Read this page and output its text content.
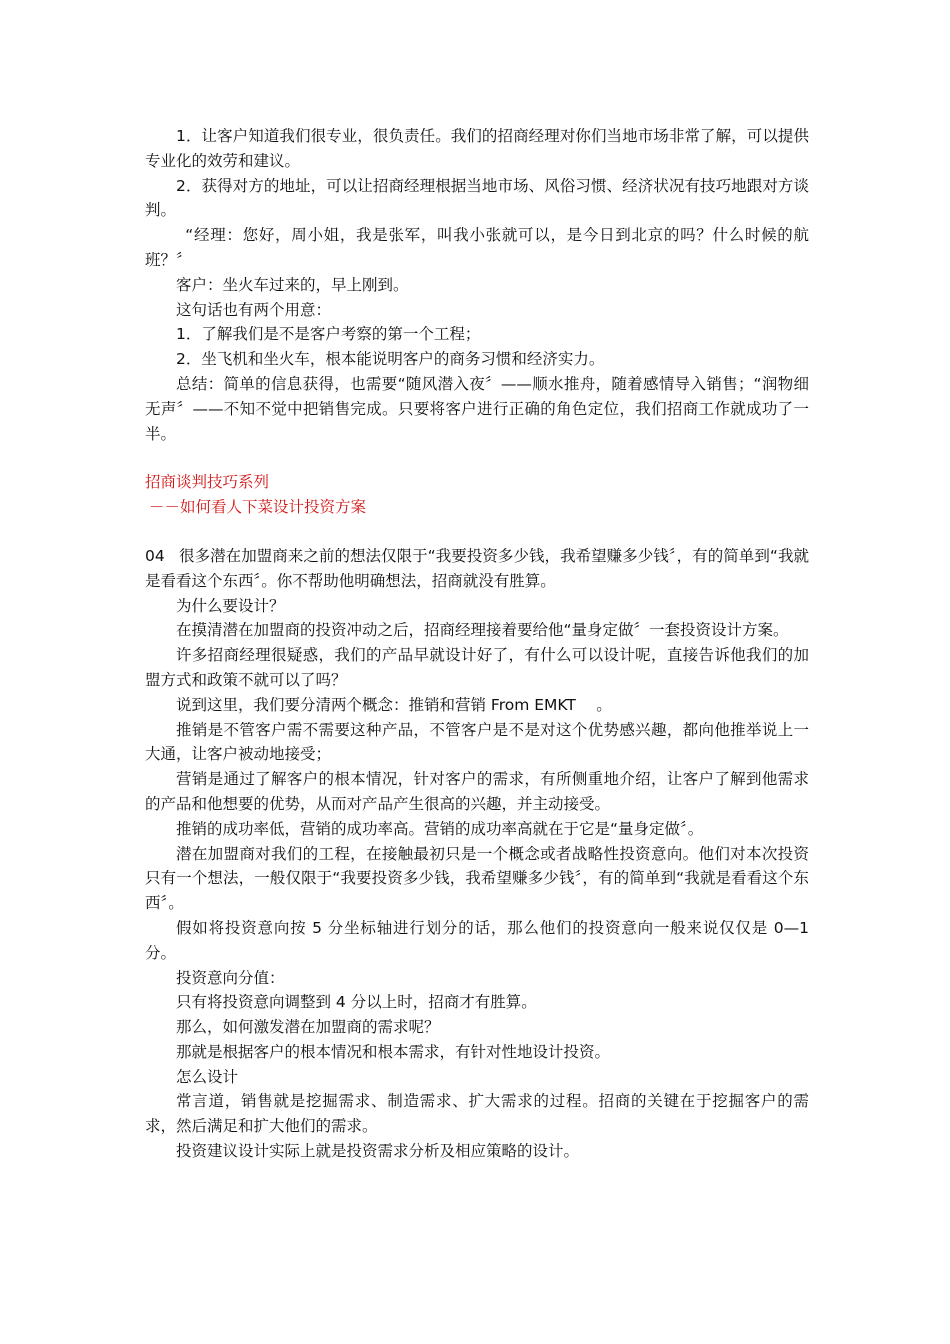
1．让客户知道我们很专业，很负责任。我们的招商经理对你们当地市场非常了解，可以提供专业化的效劳和建议。

2．获得对方的地址，可以让招商经理根据当地市场、风俗习惯、经济状况有技巧地跟对方谈判。

“经理：您好，周小姐，我是张军，叫我小张就可以，是今日到北京的吗？什么时候的航班？〞

客户：坐火车过来的，早上刚到。

这句话也有两个用意：

1．了解我们是不是客户考察的第一个工程；

2．坐飞机和坐火车，根本能说明客户的商务习惯和经济实力。

总结：简单的信息获得，也需要“随风潜入夜〞——顺水推舟，随着感情导入销售；“润物细无声〞——不知不觉中把销售完成。只要将客户进行正确的角色定位，我们招商工作就成功了一半。

招商谈判技巧系列

－－如何看人下菜设计投资方案

04 很多潜在加盟商来之前的想法仅限于“我要投资多少钱，我希望赚多少钱〞，有的简单到“我就是看看这个东西〞。你不帮助他明确想法，招商就没有胜算。

为什么要设计？

在摸清潜在加盟商的投资冲动之后，招商经理接着要给他“量身定做〞一套投资设计方案。

许多招商经理很疑惑，我们的产品早就设计好了，有什么可以设计呢，直接告诉他我们的加盟方式和政策不就可以了吗？

说到这里，我们要分清两个概念：推销和营销 From EMKT　 。

推销是不管客户需不需要这种产品，不管客户是不是对这个优势感兴趣，都向他推举说上一大通，让客户被动地接受；

营销是通过了解客户的根本情况，针对客户的需求，有所侧重地介绍，让客户了解到他需求的产品和他想要的优势，从而对产品产生很高的兴趣，并主动接受。

推销的成功率低，营销的成功率高。营销的成功率高就在于它是“量身定做〞。

潜在加盟商对我们的工程，在接触最初只是一个概念或者战略性投资意向。他们对本次投资只有一个想法，一般仅限于“我要投资多少钱，我希望赚多少钱〞，有的简单到“我就是看看这个东西〞。

假如将投资意向按 5 分坐标轴进行划分的话，那么他们的投资意向一般来说仅仅是 0—1 分。

投资意向分值：

只有将投资意向调整到 4 分以上时，招商才有胜算。

那么，如何激发潜在加盟商的需求呢？

那就是根据客户的根本情况和根本需求，有针对性地设计投资。

怎么设计

常言道，销售就是挖掘需求、制造需求、扩大需求的过程。招商的关键在于挖掘客户的需求，然后满足和扩大他们的需求。

投资建议设计实际上就是投资需求分析及相应策略的设计。
